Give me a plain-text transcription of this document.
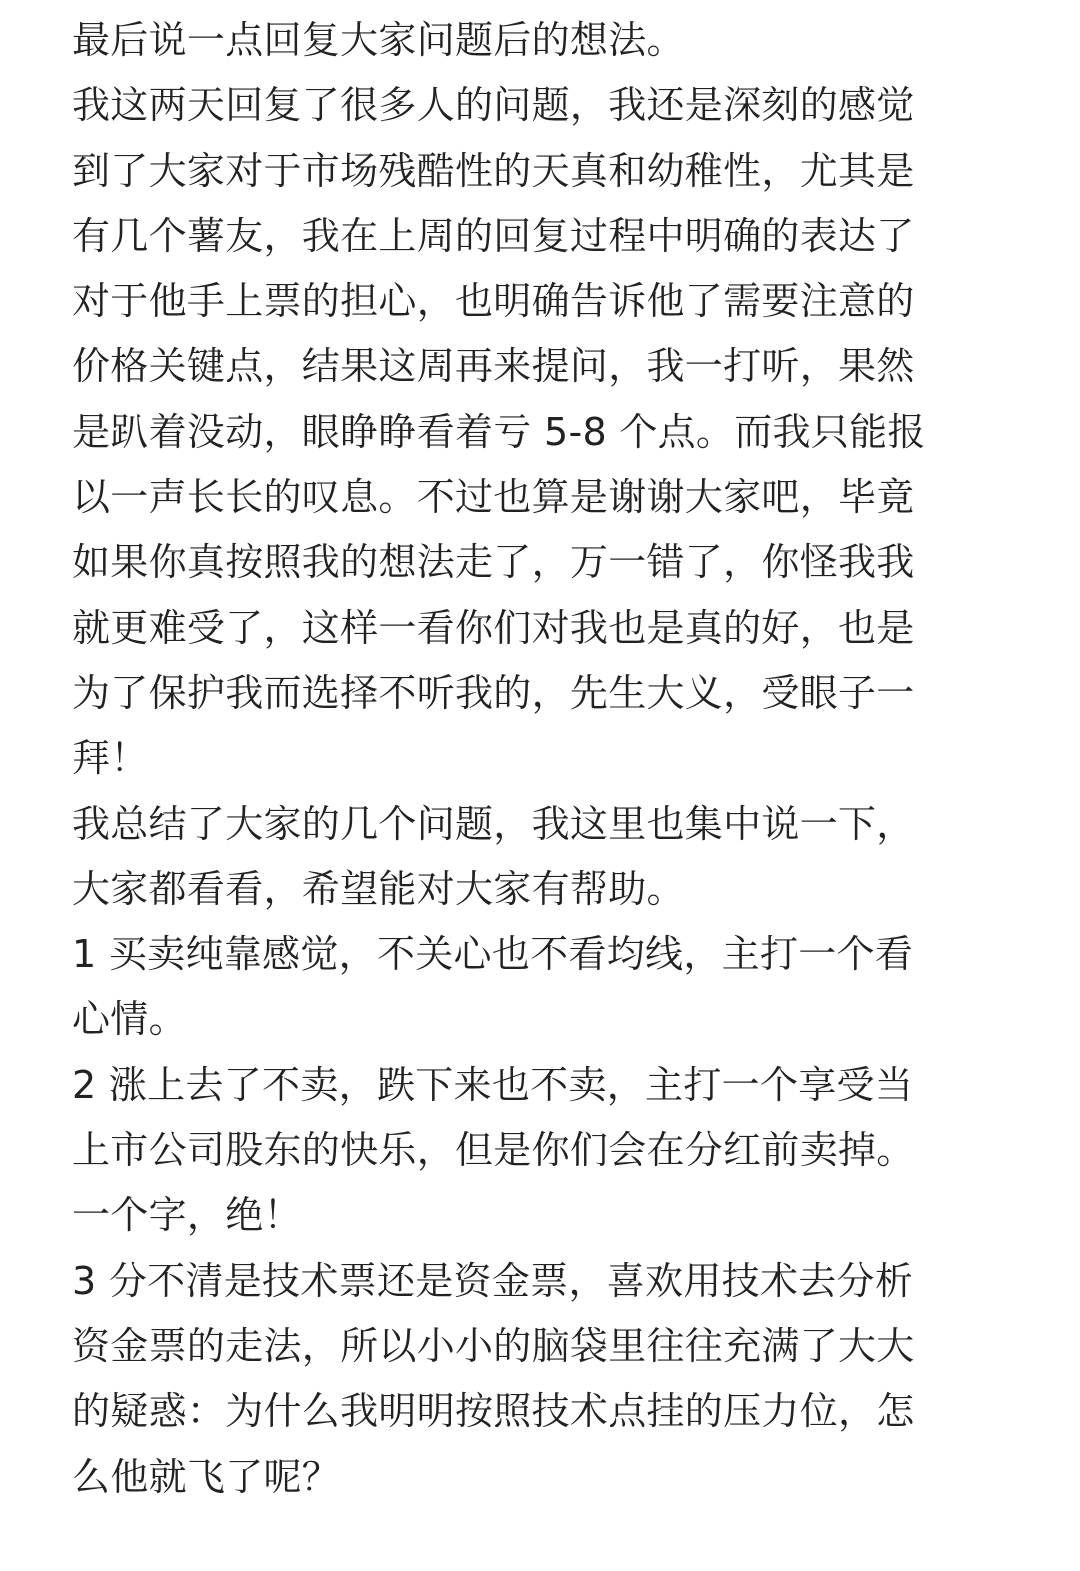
最后说一点回复大家问题后的想法。
我这两天回复了很多人的问题，我还是深刻的感觉
到了大家对于市场残酷性的天真和幼稚性，尤其是
有几个薯友，我在上周的回复过程中明确的表达了
对于他手上票的担心，也明确告诉他了需要注意的
价格关键点，结果这周再来提问，我一打听，果然
是趴着没动，眼睁睁看着亏 5-8 个点。而我只能报
以一声长长的叹息。不过也算是谢谢大家吧，毕竟
如果你真按照我的想法走了，万一错了，你怪我我
就更难受了，这样一看你们对我也是真的好，也是
为了保护我而选择不听我的，先生大义，受眼子一
拜！
我总结了大家的几个问题，我这里也集中说一下，
大家都看看，希望能对大家有帮助。
1 买卖纯靠感觉，不关心也不看均线，主打一个看
心情。
2 涨上去了不卖，跌下来也不卖，主打一个享受当
上市公司股东的快乐，但是你们会在分红前卖掉。
一个字，绝！
3 分不清是技术票还是资金票，喜欢用技术去分析
资金票的走法，所以小小的脑袋里往往充满了大大
的疑惑：为什么我明明按照技术点挂的压力位，怎
么他就飞了呢？
